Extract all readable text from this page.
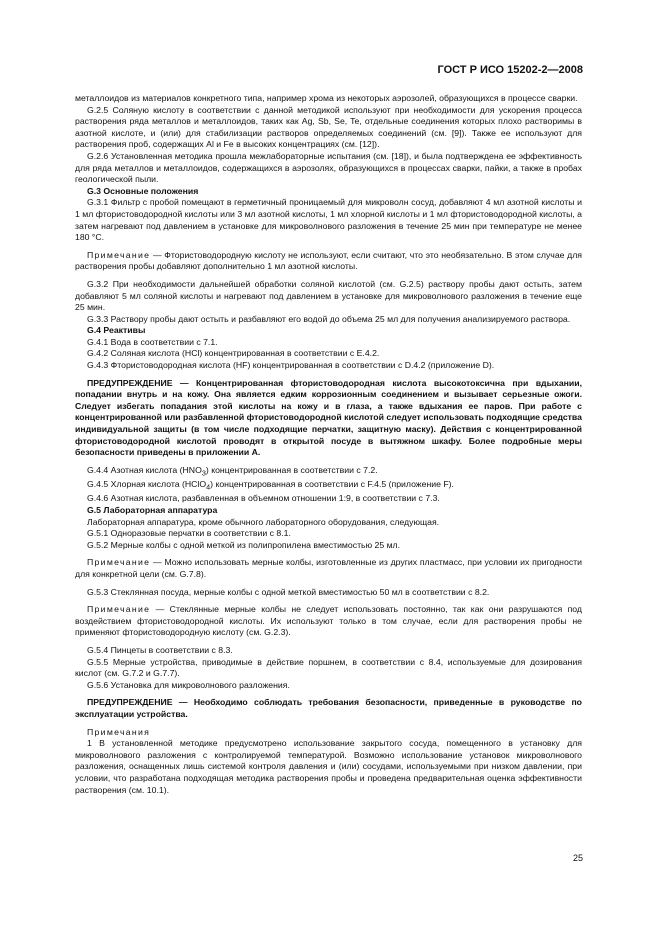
ГОСТ Р ИСО 15202-2—2008

металлоидов из материалов конкретного типа, например хрома из некоторых аэрозолей, образующихся в процессе сварки.

G.2.5 Соляную кислоту в соответствии с данной методикой используют при необходимости для ускорения процесса растворения ряда металлов и металлоидов, таких как Ag, Sb, Se, Te, отдельные соединения которых плохо растворимы в азотной кислоте, и (или) для стабилизации растворов определяемых соединений (см. [9]). Также ее используют для растворения проб, содержащих Al и Fe в высоких концентрациях (см. [12]).

G.2.6 Установленная методика прошла межлабораторные испытания (см. [18]), и была подтверждена ее эффективность для ряда металлов и металлоидов, содержащихся в аэрозолях, образующихся в процессах сварки, пайки, а также в пробах геологической пыли.

G.3 Основные положения

G.3.1 Фильтр с пробой помещают в герметичный проницаемый для микроволн сосуд, добавляют 4 мл азотной кислоты и 1 мл фтористоводородной кислоты или 3 мл азотной кислоты, 1 мл хлорной кислоты и 1 мл фтористоводородной кислоты, а затем нагревают под давлением в установке для микроволнового разложения в течение 25 мин при температуре не менее 180 °С.

Примечание — Фтористоводородную кислоту не используют, если считают, что это необязательно. В этом случае для растворения пробы добавляют дополнительно 1 мл азотной кислоты.

G.3.2 При необходимости дальнейшей обработки соляной кислотой (см. G.2.5) раствору пробы дают остыть, затем добавляют 5 мл соляной кислоты и нагревают под давлением в установке для микроволнового разложения в течение еще 25 мин.

G.3.3 Раствору пробы дают остыть и разбавляют его водой до объема 25 мл для получения анализируемого раствора.

G.4 Реактивы

G.4.1 Вода в соответствии с 7.1.

G.4.2 Соляная кислота (HCl) концентрированная в соответствии с E.4.2.

G.4.3 Фтористоводородная кислота (HF) концентрированная в соответствии с D.4.2 (приложение D).

ПРЕДУПРЕЖДЕНИЕ — Концентрированная фтористоводородная кислота высокотоксична при вдыхании, попадании внутрь и на кожу. Она является едким коррозионным соединением и вызывает серьезные ожоги. Следует избегать попадания этой кислоты на кожу и в глаза, а также вдыхания ее паров. При работе с концентрированной или разбавленной фтористоводородной кислотой следует использовать подходящие средства индивидуальной защиты (в том числе подходящие перчатки, защитную маску). Действия с концентрированной фтористоводородной кислотой проводят в открытой посуде в вытяжном шкафу. Более подробные меры безопасности приведены в приложении А.

G.4.4 Азотная кислота $(HNO_3)$ концентрированная в соответствии с 7.2.

G.4.5 Хлорная кислота (HClO$_4$) концентрированная в соответствии с F.4.5 (приложение F).

G.4.6 Азотная кислота, разбавленная в объемном отношении 1:9, в соответствии с 7.3.

G.5 Лабораторная аппаратура

Лабораторная аппаратура, кроме обычного лабораторного оборудования, следующая.

G.5.1 Одноразовые перчатки в соответствии с 8.1.

G.5.2 Мерные колбы с одной меткой из полипропилена вместимостью 25 мл.

Примечание — Можно использовать мерные колбы, изготовленные из других пластмасс, при условии их пригодности для конкретной цели (см. G.7.8).

G.5.3 Стеклянная посуда, мерные колбы с одной меткой вместимостью 50 мл в соответствии с 8.2.

Примечание — Стеклянные мерные колбы не следует использовать постоянно, так как они разрушаются под воздействием фтористоводородной кислоты. Их используют только в том случае, если для растворения пробы не применяют фтористоводородную кислоту (см. G.2.3).

G.5.4 Пинцеты в соответствии с 8.3.

G.5.5 Мерные устройства, приводимые в действие поршнем, в соответствии с 8.4, используемые для дозирования кислот (см. G.7.2 и G.7.7).

G.5.6 Установка для микроволнового разложения.

ПРЕДУПРЕЖДЕНИЕ — Необходимо соблюдать требования безопасности, приведенные в руководстве по эксплуатации устройства.

Примечания

1 В установленной методике предусмотрено использование закрытого сосуда, помещенного в установку для микроволнового разложения с контролируемой температурой. Возможно использование установок микроволнового разложения, оснащенных лишь системой контроля давления и (или) сосудами, используемыми при низком давлении, при условии, что разработана подходящая методика растворения пробы и проведена предварительная оценка эффективности растворения (см. 10.1).

25
